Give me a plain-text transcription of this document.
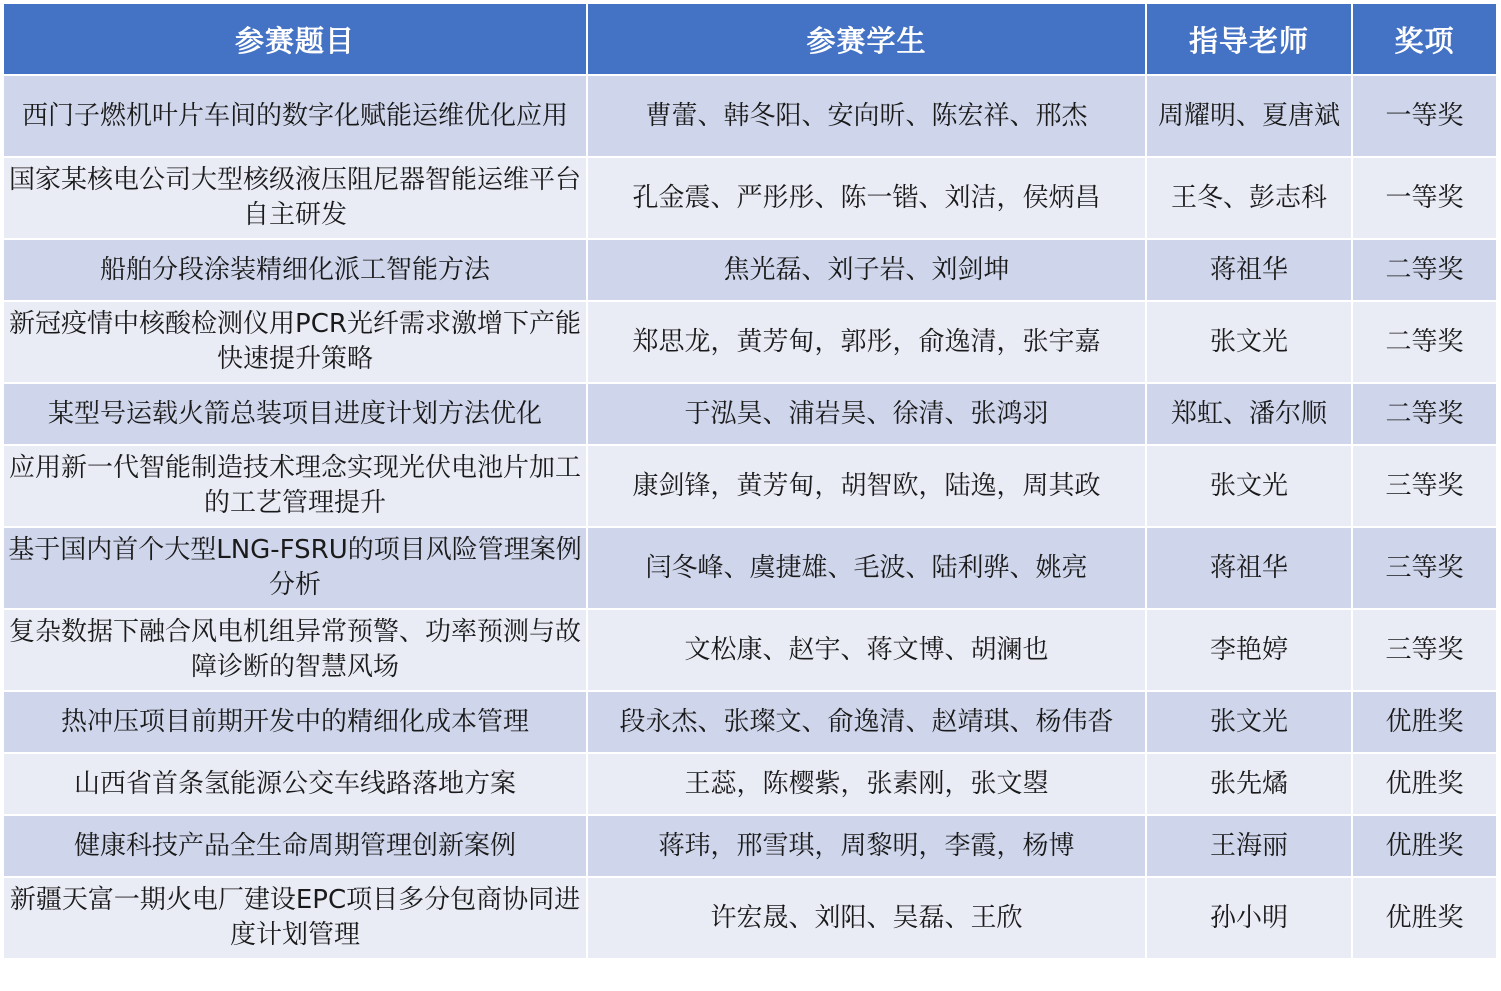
参赛题目	参赛学生	指导老师	奖项
西门子燃机叶片车间的数字化赋能运维优化应用	曹蕾、韩冬阳、安向昕、陈宏祥、邢杰	周耀明、夏唐斌	一等奖
国家某核电公司大型核级液压阻尼器智能运维平台自主研发	孔金震、严彤彤、陈一锴、刘洁，侯炳昌	王冬、彭志科	一等奖
船舶分段涂装精细化派工智能方法	焦光磊、刘子岩、刘剑坤	蒋祖华	二等奖
新冠疫情中核酸检测仪用PCR光纤需求激增下产能快速提升策略	郑思龙，黄芳甸，郭彤，俞逸清，张宇嘉	张文光	二等奖
某型号运载火箭总装项目进度计划方法优化	于泓昊、浦岩昊、徐清、张鸿羽	郑虹、潘尔顺	二等奖
应用新一代智能制造技术理念实现光伏电池片加工的工艺管理提升	康剑锋，黄芳甸，胡智欧，陆逸，周其政	张文光	三等奖
基于国内首个大型LNG-FSRU的项目风险管理案例分析	闫冬峰、虞捷雄、毛波、陆利骅、姚亮	蒋祖华	三等奖
复杂数据下融合风电机组异常预警、功率预测与故障诊断的智慧风场	文松康、赵宇、蒋文博、胡澜也	李艳婷	三等奖
热冲压项目前期开发中的精细化成本管理	段永杰、张璨文、俞逸清、赵靖琪、杨伟沓	张文光	优胜奖
山西省首条氢能源公交车线路落地方案	王蕊，陈樱紫，张素刚，张文曌	张先燏	优胜奖
健康科技产品全生命周期管理创新案例	蒋玮，邢雪琪，周黎明，李霞，杨博	王海丽	优胜奖
新疆天富一期火电厂建设EPC项目多分包商协同进度计划管理	许宏晟、刘阳、吴磊、王欣	孙小明	优胜奖
